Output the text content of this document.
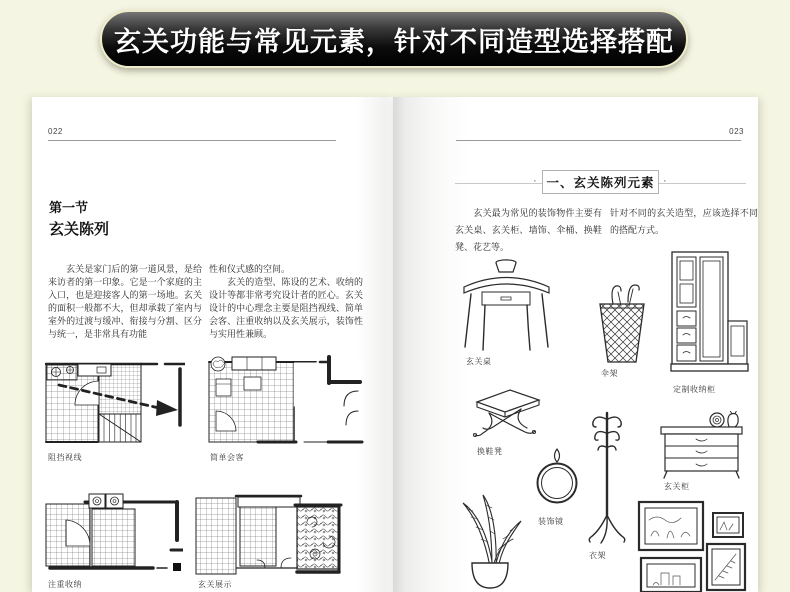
玄关功能与常见元素，针对不同造型选择搭配
022
第一节
玄关陈列

　　玄关是家门后的第一道风景，是给来访者的第一印象。它是一个家庭的主入口，也是迎接客人的第一场地。玄关的面积一般都不大，但却承载了室内与室外的过渡与缓冲、衔接与分割、区分与统一，是非常具有功能

性和仪式感的空间。

　　玄关的造型、陈设的艺术、收纳的设计等都非常考究设计者的匠心。玄关设计的中心理念主要是阻挡视线、简单会客、注重收纳以及玄关展示，装饰性与实用性兼顾。

阻挡视线	简单会客
注重收纳	玄关展示
023
·	·
一、玄关陈列元素

　　玄关最为常见的装饰物件主要有玄关桌、玄关柜、墙饰、伞桶、换鞋凳、花艺等。

针对不同的玄关造型，应该选择不同的搭配方式。

玄关桌
伞架
定制收纳柜
换鞋凳
装饰镜
衣架
玄关柜
